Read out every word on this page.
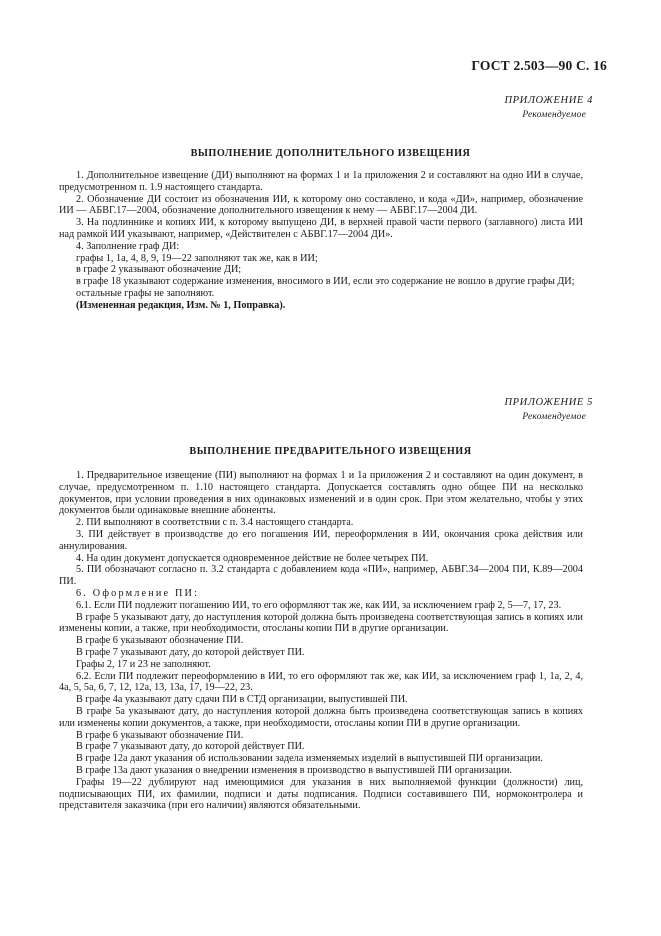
ГОСТ 2.503—90 С. 16
ПРИЛОЖЕНИЕ 4
Рекомендуемое
ВЫПОЛНЕНИЕ ДОПОЛНИТЕЛЬНОГО ИЗВЕЩЕНИЯ

1. Дополнительное извещение (ДИ) выполняют на формах 1 и 1а приложения 2 и составляют на одно ИИ в случае, предусмотренном п. 1.9 настоящего стандарта.

2. Обозначение ДИ состоит из обозначения ИИ, к которому оно составлено, и кода «ДИ», например, обозначение ИИ — АБВГ.17—2004, обозначение дополнительного извещения к нему — АБВГ.17—2004 ДИ.

3. На подлиннике и копиях ИИ, к которому выпущено ДИ, в верхней правой части первого (заглавного) листа ИИ над рамкой ИИ указывают, например, «Действителен с АБВГ.17—2004 ДИ».

4. Заполнение граф ДИ:

графы 1, 1а, 4, 8, 9, 19—22 заполняют так же, как в ИИ;

в графе 2 указывают обозначение ДИ;

в графе 18 указывают содержание изменения, вносимого в ИИ, если это содержание не вошло в другие графы ДИ;

остальные графы не заполняют.

(Измененная редакция, Изм. № 1, Поправка).

ПРИЛОЖЕНИЕ 5
Рекомендуемое
ВЫПОЛНЕНИЕ ПРЕДВАРИТЕЛЬНОГО ИЗВЕЩЕНИЯ

1. Предварительное извещение (ПИ) выполняют на формах 1 и 1а приложения 2 и составляют на один документ, в случае, предусмотренном п. 1.10 настоящего стандарта. Допускается составлять одно общее ПИ на несколько документов, при условии проведения в них одинаковых изменений и в один срок. При этом желательно, чтобы у этих документов были одинаковые внешние абоненты.

2. ПИ выполняют в соответствии с п. 3.4 настоящего стандарта.

3. ПИ действует в производстве до его погашения ИИ, переоформления в ИИ, окончания срока действия или аннулирования.

4. На один документ допускается одновременное действие не более четырех ПИ.

5. ПИ обозначают согласно п. 3.2 стандарта с добавлением кода «ПИ», например, АБВГ.34—2004 ПИ, К.89—2004 ПИ.

6. Оформление ПИ:

6.1. Если ПИ подлежит погашению ИИ, то его оформляют так же, как ИИ, за исключением граф 2, 5—7, 17, 23.

В графе 5 указывают дату, до наступления которой должна быть произведена соответствующая запись в копиях или изменены копии, а также, при необходимости, отосланы копии ПИ в другие организации.

В графе 6 указывают обозначение ПИ.

В графе 7 указывают дату, до которой действует ПИ.

Графы 2, 17 и 23 не заполняют.

6.2. Если ПИ подлежит переоформлению в ИИ, то его оформляют так же, как ИИ, за исключением граф 1, 1а, 2, 4, 4а, 5, 5а, 6, 7, 12, 12а, 13, 13а, 17, 19—22, 23.

В графе 4а указывают дату сдачи ПИ в СТД организации, выпустившей ПИ.

В графе 5а указывают дату, до наступления которой должна быть произведена соответствующая запись в копиях или изменены копии документов, а также, при необходимости, отосланы копии ПИ в другие организации.

В графе 6 указывают обозначение ПИ.

В графе 7 указывают дату, до которой действует ПИ.

В графе 12а дают указания об использовании задела изменяемых изделий в выпустившей ПИ организации.

В графе 13а дают указания о внедрении изменения в производство в выпустившей ПИ организации.

Графы 19—22 дублируют над имеющимися для указания в них выполняемой функции (должности) лиц, подписывающих ПИ, их фамилии, подписи и даты подписания. Подписи составившего ПИ, нормоконтролера и представителя заказчика (при его наличии) являются обязательными.
